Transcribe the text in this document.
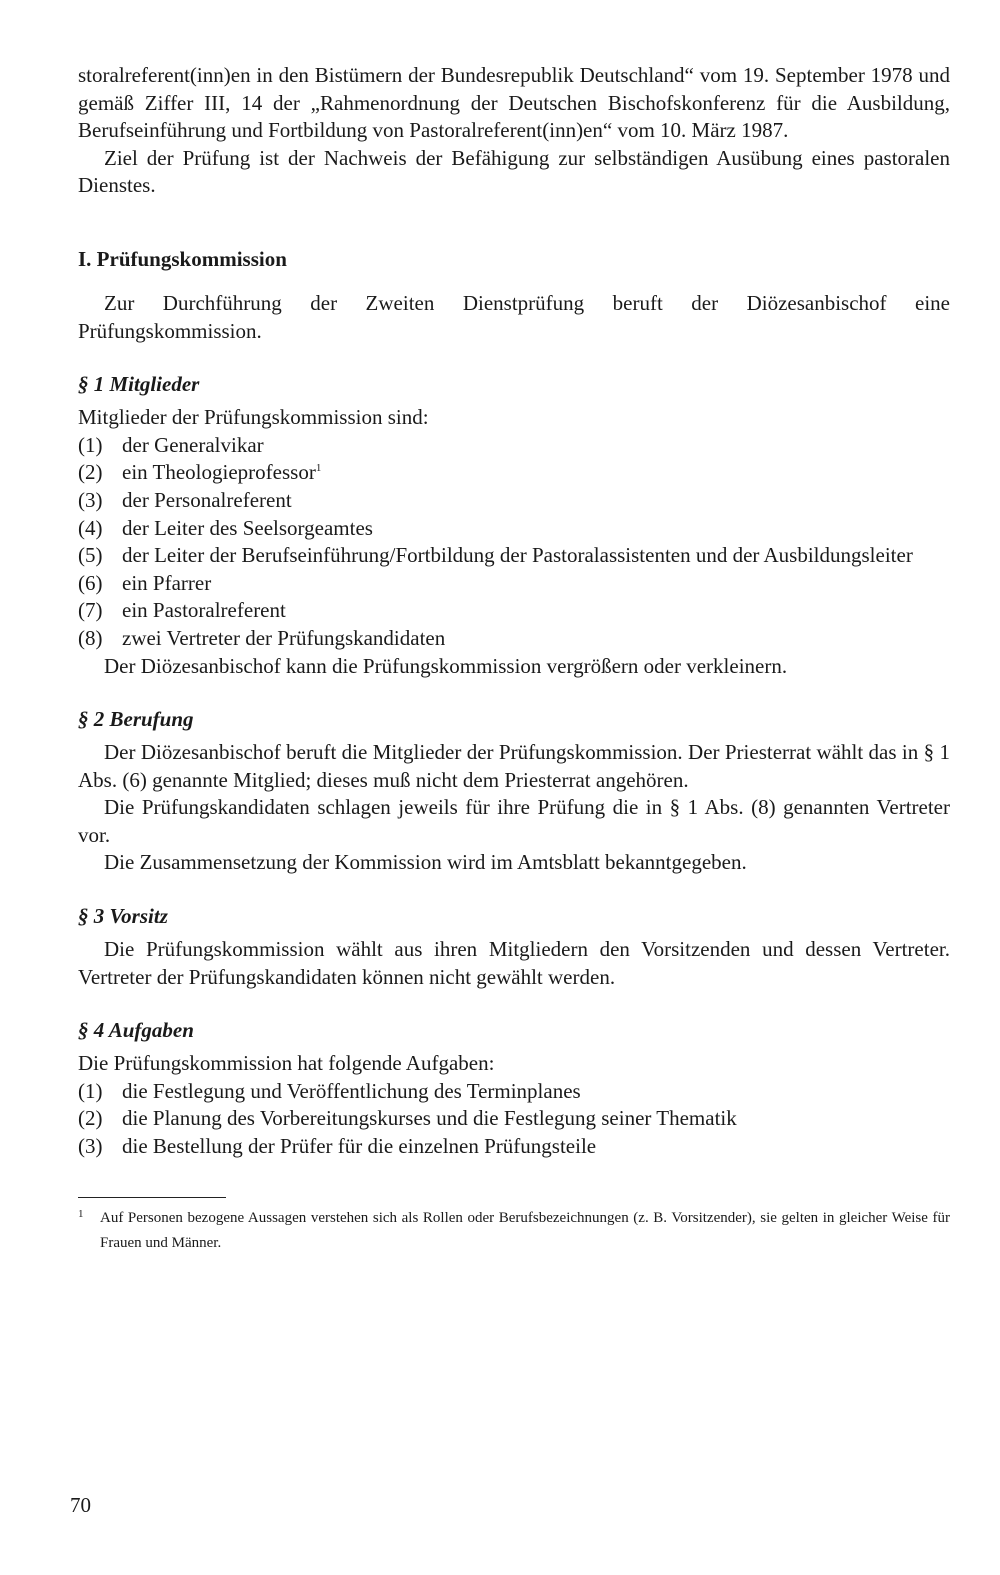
storalreferent(inn)en in den Bistümern der Bundesrepublik Deutschland“ vom 19. September 1978 und gemäß Ziffer III, 14 der „Rahmenordnung der Deutschen Bischofskonferenz für die Ausbildung, Berufseinführung und Fortbildung von Pastoralreferent(inn)en“ vom 10. März 1987.

Ziel der Prüfung ist der Nachweis der Befähigung zur selbständigen Ausübung eines pastoralen Dienstes.

I. Prüfungskommission

Zur Durchführung der Zweiten Dienstprüfung beruft der Diözesanbischof eine Prüfungskommission.

§ 1 Mitglieder

Mitglieder der Prüfungskommission sind:

(1) der Generalvikar
(2) ein Theologieprofessor$^1$
(3) der Personalreferent
(4) der Leiter des Seelsorgeamtes
(5) der Leiter der Berufseinführung/Fortbildung der Pastoralassistenten und der Ausbildungsleiter
(6) ein Pfarrer
(7) ein Pastoralreferent
(8) zwei Vertreter der Prüfungskandidaten

Der Diözesanbischof kann die Prüfungskommission vergrößern oder verkleinern.

§ 2 Berufung

Der Diözesanbischof beruft die Mitglieder der Prüfungskommission. Der Priesterrat wählt das in § 1 Abs. (6) genannte Mitglied; dieses muß nicht dem Priesterrat angehören.

Die Prüfungskandidaten schlagen jeweils für ihre Prüfung die in § 1 Abs. (8) genannten Vertreter vor.

Die Zusammensetzung der Kommission wird im Amtsblatt bekanntgegeben.

§ 3 Vorsitz

Die Prüfungskommission wählt aus ihren Mitgliedern den Vorsitzenden und dessen Vertreter. Vertreter der Prüfungskandidaten können nicht gewählt werden.

§ 4 Aufgaben

Die Prüfungskommission hat folgende Aufgaben:

(1) die Festlegung und Veröffentlichung des Terminplanes
(2) die Planung des Vorbereitungskurses und die Festlegung seiner Thematik
(3) die Bestellung der Prüfer für die einzelnen Prüfungsteile
1 Auf Personen bezogene Aussagen verstehen sich als Rollen oder Berufsbezeichnungen (z. B. Vorsitzender), sie gelten in gleicher Weise für Frauen und Männer.
70
